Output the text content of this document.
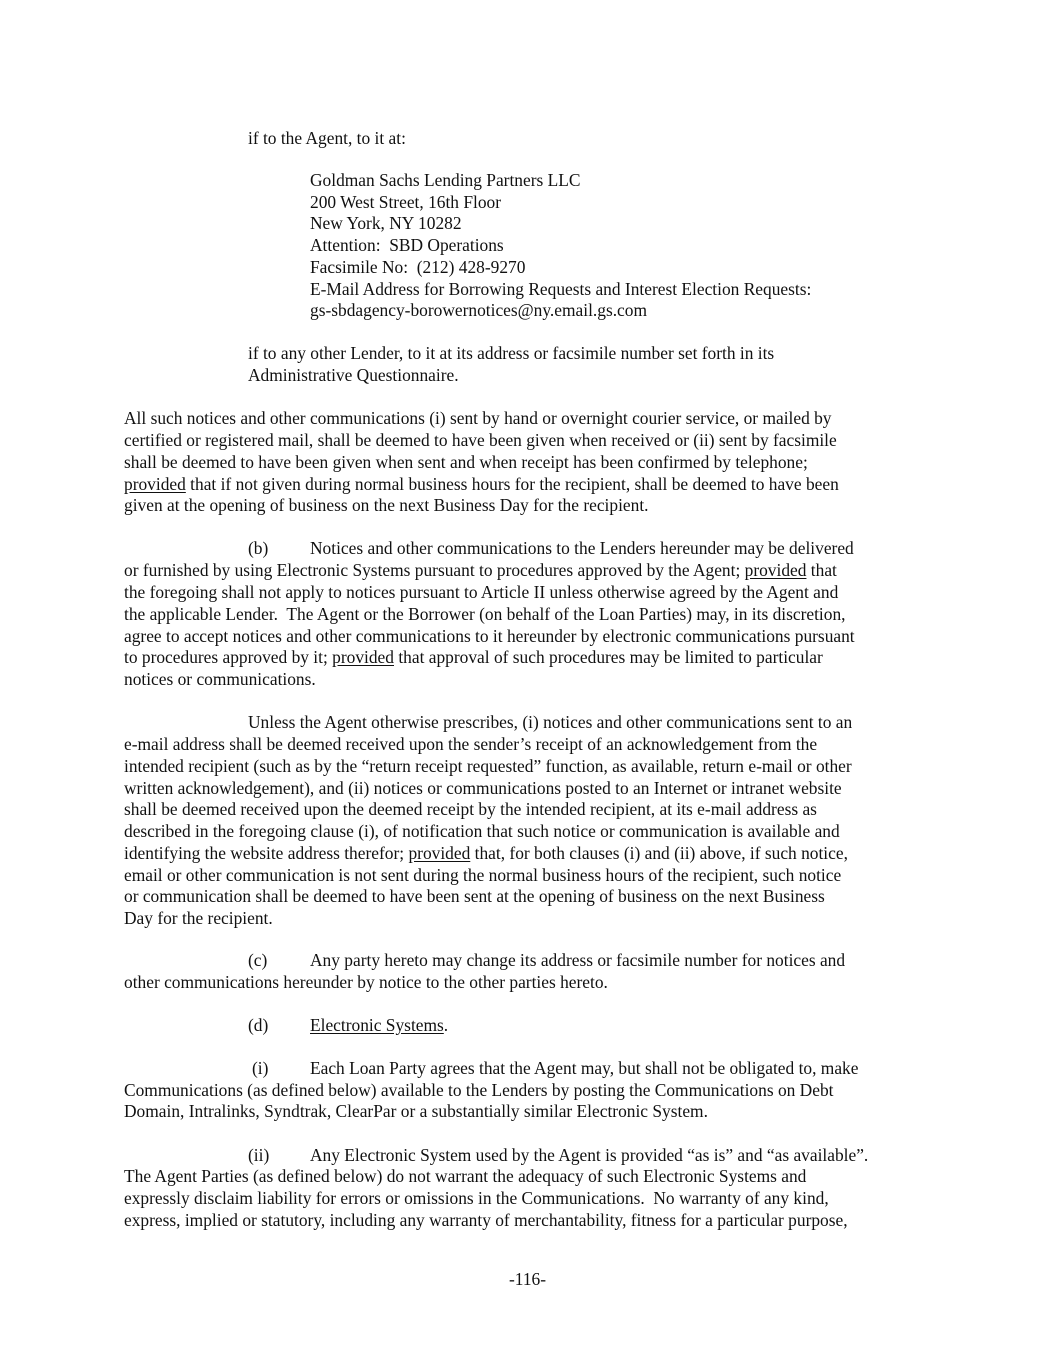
if to the Agent, to it at:
Goldman Sachs Lending Partners LLC
200 West Street, 16th Floor
New York, NY 10282
Attention:  SBD Operations
Facsimile No:  (212) 428-9270
E-Mail Address for Borrowing Requests and Interest Election Requests:
gs-sbdagency-borowernotices@ny.email.gs.com
if to any other Lender, to it at its address or facsimile number set forth in its
Administrative Questionnaire.
All such notices and other communications (i) sent by hand or overnight courier service, or mailed by
certified or registered mail, shall be deemed to have been given when received or (ii) sent by facsimile
shall be deemed to have been given when sent and when receipt has been confirmed by telephone;
provided that if not given during normal business hours for the recipient, shall be deemed to have been
given at the opening of business on the next Business Day for the recipient.
(b) Notices and other communications to the Lenders hereunder may be delivered
or furnished by using Electronic Systems pursuant to procedures approved by the Agent; provided that
the foregoing shall not apply to notices pursuant to Article II unless otherwise agreed by the Agent and
the applicable Lender.  The Agent or the Borrower (on behalf of the Loan Parties) may, in its discretion,
agree to accept notices and other communications to it hereunder by electronic communications pursuant
to procedures approved by it; provided that approval of such procedures may be limited to particular
notices or communications.
Unless the Agent otherwise prescribes, (i) notices and other communications sent to an
e-mail address shall be deemed received upon the sender’s receipt of an acknowledgement from the
intended recipient (such as by the “return receipt requested” function, as available, return e-mail or other
written acknowledgement), and (ii) notices or communications posted to an Internet or intranet website
shall be deemed received upon the deemed receipt by the intended recipient, at its e-mail address as
described in the foregoing clause (i), of notification that such notice or communication is available and
identifying the website address therefor; provided that, for both clauses (i) and (ii) above, if such notice,
email or other communication is not sent during the normal business hours of the recipient, such notice
or communication shall be deemed to have been sent at the opening of business on the next Business
Day for the recipient.
(c) Any party hereto may change its address or facsimile number for notices and
other communications hereunder by notice to the other parties hereto.
(d) Electronic Systems.
(i) Each Loan Party agrees that the Agent may, but shall not be obligated to, make
Communications (as defined below) available to the Lenders by posting the Communications on Debt
Domain, Intralinks, Syndtrak, ClearPar or a substantially similar Electronic System.
(ii) Any Electronic System used by the Agent is provided “as is” and “as available”.
The Agent Parties (as defined below) do not warrant the adequacy of such Electronic Systems and
expressly disclaim liability for errors or omissions in the Communications.  No warranty of any kind,
express, implied or statutory, including any warranty of merchantability, fitness for a particular purpose,
-116-
